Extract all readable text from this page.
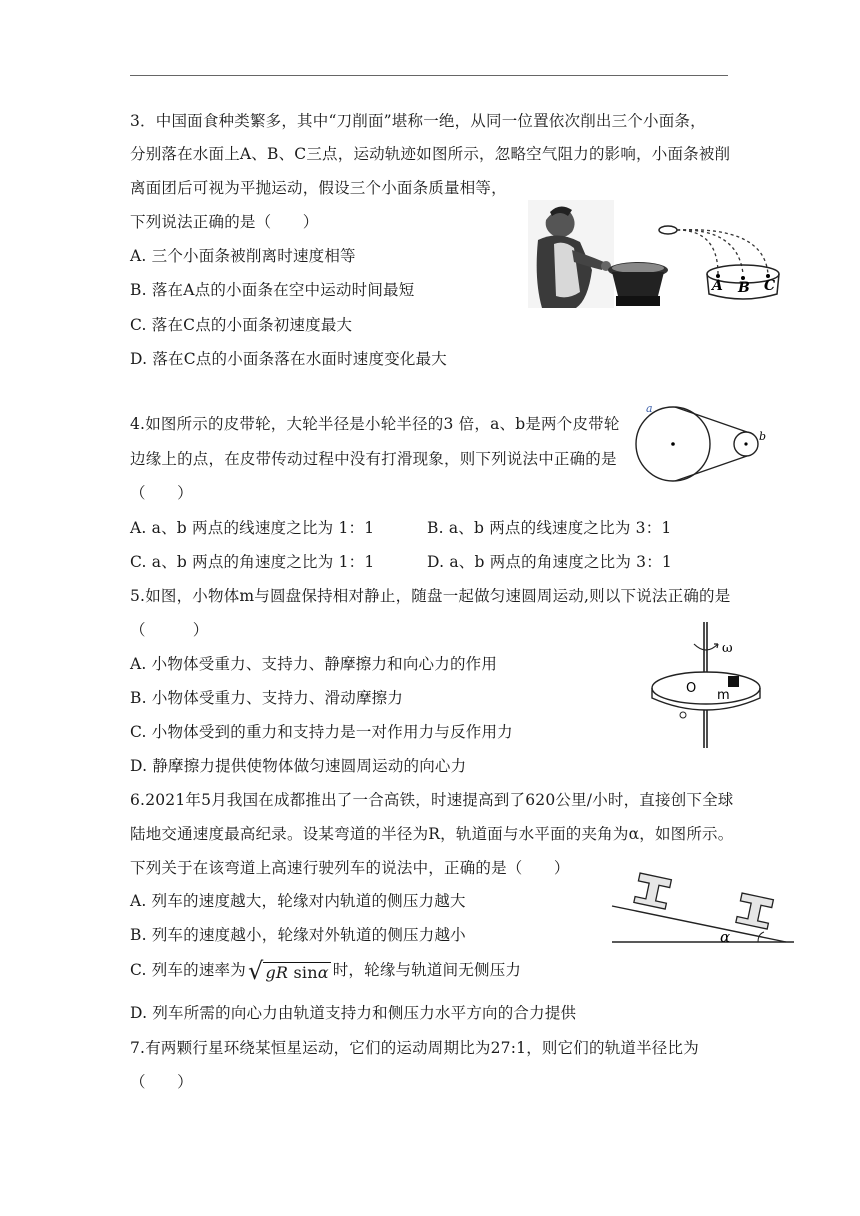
3．中国面食种类繁多，其中“刀削面”堪称一绝，从同一位置依次削出三个小面条，
分别落在水面上A、B、C三点，运动轨迹如图所示，忽略空气阻力的影响，小面条被削
离面团后可视为平抛运动，假设三个小面条质量相等，
下列说法正确的是（　　）
A. 三个小面条被削离时速度相等
B. 落在A点的小面条在空中运动时间最短
C. 落在C点的小面条初速度最大
D. 落在C点的小面条落在水面时速度变化最大
A B C
4.如图所示的皮带轮，大轮半径是小轮半径的3 倍，a、b是两个皮带轮
边缘上的点，在皮带传动过程中没有打滑现象，则下列说法中正确的是
（　　）
A. a、b 两点的线速度之比为 1：1	B. a、b 两点的线速度之比为 3：1
C. a、b 两点的角速度之比为 1：1	D. a、b 两点的角速度之比为 3：1
a
b
5.如图，小物体m与圆盘保持相对静止，随盘一起做匀速圆周运动,则以下说法正确的是
（　　　）
A. 小物体受重力、支持力、静摩擦力和向心力的作用
B. 小物体受重力、支持力、滑动摩擦力
C. 小物体受到的重力和支持力是一对作用力与反作用力
D. 静摩擦力提供使物体做匀速圆周运动的向心力
ω
O m
6.2021年5月我国在成都推出了一合高铁，时速提高到了620公里/小时，直接创下全球
陆地交通速度最高纪录。设某弯道的半径为R，轨道面与水平面的夹角为α，如图所示。
下列关于在该弯道上高速行驶列车的说法中，正确的是（　　）
A. 列车的速度越大，轮缘对内轨道的侧压力越大
B. 列车的速度越小，轮缘对外轨道的侧压力越小
C. 列车的速率为 √ gR sinα 时，轮缘与轨道间无侧压力
D. 列车所需的向心力由轨道支持力和侧压力水平方向的合力提供
α
7.有两颗行星环绕某恒星运动，它们的运动周期比为27:1，则它们的轨道半径比为
（　　）
